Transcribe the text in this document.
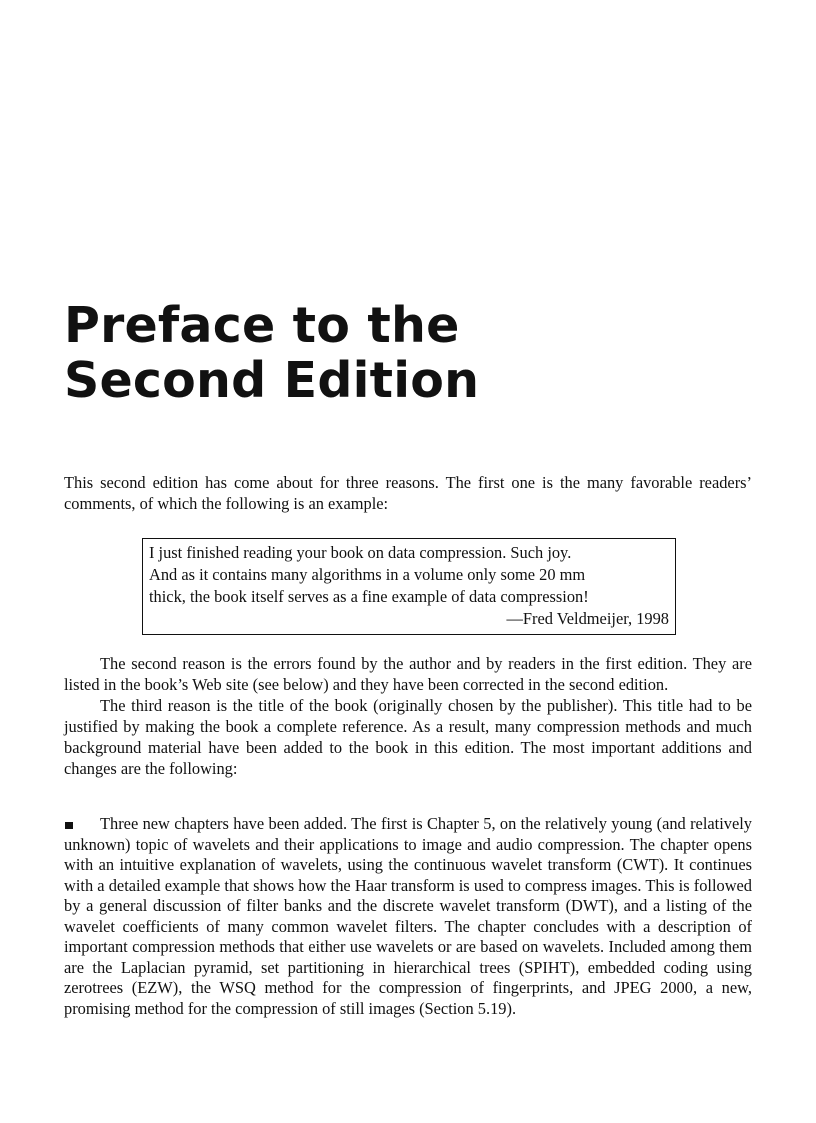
Preface to the
Second Edition

This second edition has come about for three reasons. The first one is the many favorable readers’ comments, of which the following is an example:

I just finished reading your book on data compression. Such joy.
And as it contains many algorithms in a volume only some 20 mm
thick, the book itself serves as a fine example of data compression!
—Fred Veldmeijer, 1998

The second reason is the errors found by the author and by readers in the first edition. They are listed in the book’s Web site (see below) and they have been corrected in the second edition.

The third reason is the title of the book (originally chosen by the publisher). This title had to be justified by making the book a complete reference. As a result, many compression methods and much background material have been added to the book in this edition. The most important additions and changes are the following:

Three new chapters have been added. The first is Chapter 5, on the relatively young (and relatively unknown) topic of wavelets and their applications to image and audio compression. The chapter opens with an intuitive explanation of wavelets, using the continuous wavelet transform (CWT). It continues with a detailed example that shows how the Haar transform is used to compress images. This is followed by a general discussion of filter banks and the discrete wavelet transform (DWT), and a listing of the wavelet coefficients of many common wavelet filters. The chapter concludes with a description of important compression methods that either use wavelets or are based on wavelets. Included among them are the Laplacian pyramid, set partitioning in hierarchical trees (SPIHT), embedded coding using zerotrees (EZW), the WSQ method for the compression of fingerprints, and JPEG 2000, a new, promising method for the compression of still images (Section 5.19).
